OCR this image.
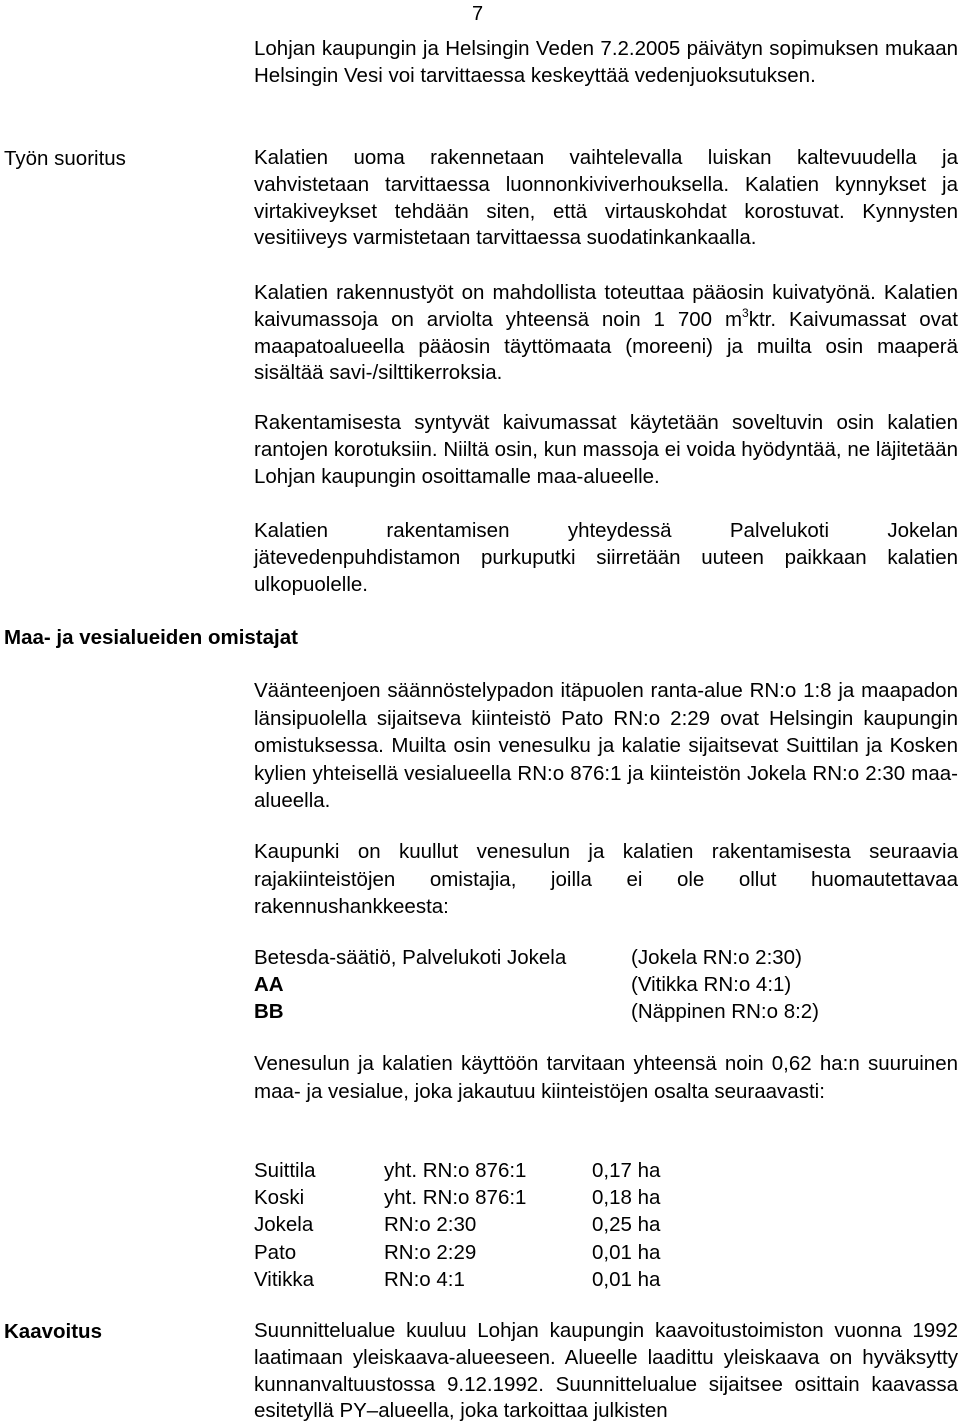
7

Lohjan kaupungin ja Helsingin Veden 7.2.2005 päivätyn sopimuksen mukaan Helsingin Vesi voi tarvittaessa keskeyttää vedenjuoksutuksen.

Työn suoritus	Kalatien uoma rakennetaan vaihtelevalla luiskan kaltevuudella ja vahvistetaan tarvittaessa luonnonkiviverhouksella. Kalatien kynnykset ja virtakiveykset tehdään siten, että virtauskohdat korostuvat. Kynnysten vesitiiveys varmistetaan tarvittaessa suodatinkankaalla.

Kalatien rakennustyöt on mahdollista toteuttaa pääosin kuivatyönä. Kalatien kaivumassoja on arviolta yhteensä noin 1 700 $m^3ktr$. Kaivumassat ovat maapatoalueella pääosin täyttömaata (moreeni) ja muilta osin maaperä sisältää savi-/silttikerroksia.

Rakentamisesta syntyvät kaivumassat käytetään soveltuvin osin kalatien rantojen korotuksiin. Niiltä osin, kun massoja ei voida hyödyntää, ne läjitetään Lohjan kaupungin osoittamalle maa-alueelle.

Kalatien rakentamisen yhteydessä Palvelukoti Jokelan jätevedenpuhdistamon purkuputki siirretään uuteen paikkaan kalatien ulkopuolelle.

Maa- ja vesialueiden omistajat

Väänteenjoen säännöstelypadon itäpuolen ranta-alue RN:o 1:8 ja maapadon länsipuolella sijaitseva kiinteistö Pato RN:o 2:29 ovat Helsingin kaupungin omistuksessa. Muilta osin venesulku ja kalatie sijaitsevat Suittilan ja Kosken kylien yhteisellä vesialueella RN:o 876:1 ja kiinteistön Jokela RN:o 2:30 maa-alueella.

Kaupunki on kuullut venesulun ja kalatien rakentamisesta seuraavia rajakiinteistöjen omistajia, joilla ei ole ollut huomautettavaa rakennushankkeesta:

Betesda-säätiö, Palvelukoti Jokela	(Jokela RN:o 2:30)
AA	(Vitikka RN:o 4:1)
BB	(Näppinen RN:o 8:2)

Venesulun ja kalatien käyttöön tarvitaan yhteensä noin 0,62 ha:n suuruinen maa- ja vesialue, joka jakautuu kiinteistöjen osalta seuraavasti:

Suittila	yht. RN:o 876:1	0,17 ha
Koski	yht. RN:o 876:1	0,18 ha
Jokela	RN:o 2:30	0,25 ha
Pato	RN:o 2:29	0,01 ha
Vitikka	RN:o 4:1	0,01 ha
Kaavoitus	Suunnittelualue kuuluu Lohjan kaupungin kaavoitustoimiston vuonna 1992 laatimaan yleiskaava-alueeseen. Alueelle laadittu yleiskaava on hyväksytty kunnanvaltuustossa 9.12.1992. Suunnittelualue sijaitsee osittain kaavassa esitetyllä PY–alueella, joka tarkoittaa julkisten
